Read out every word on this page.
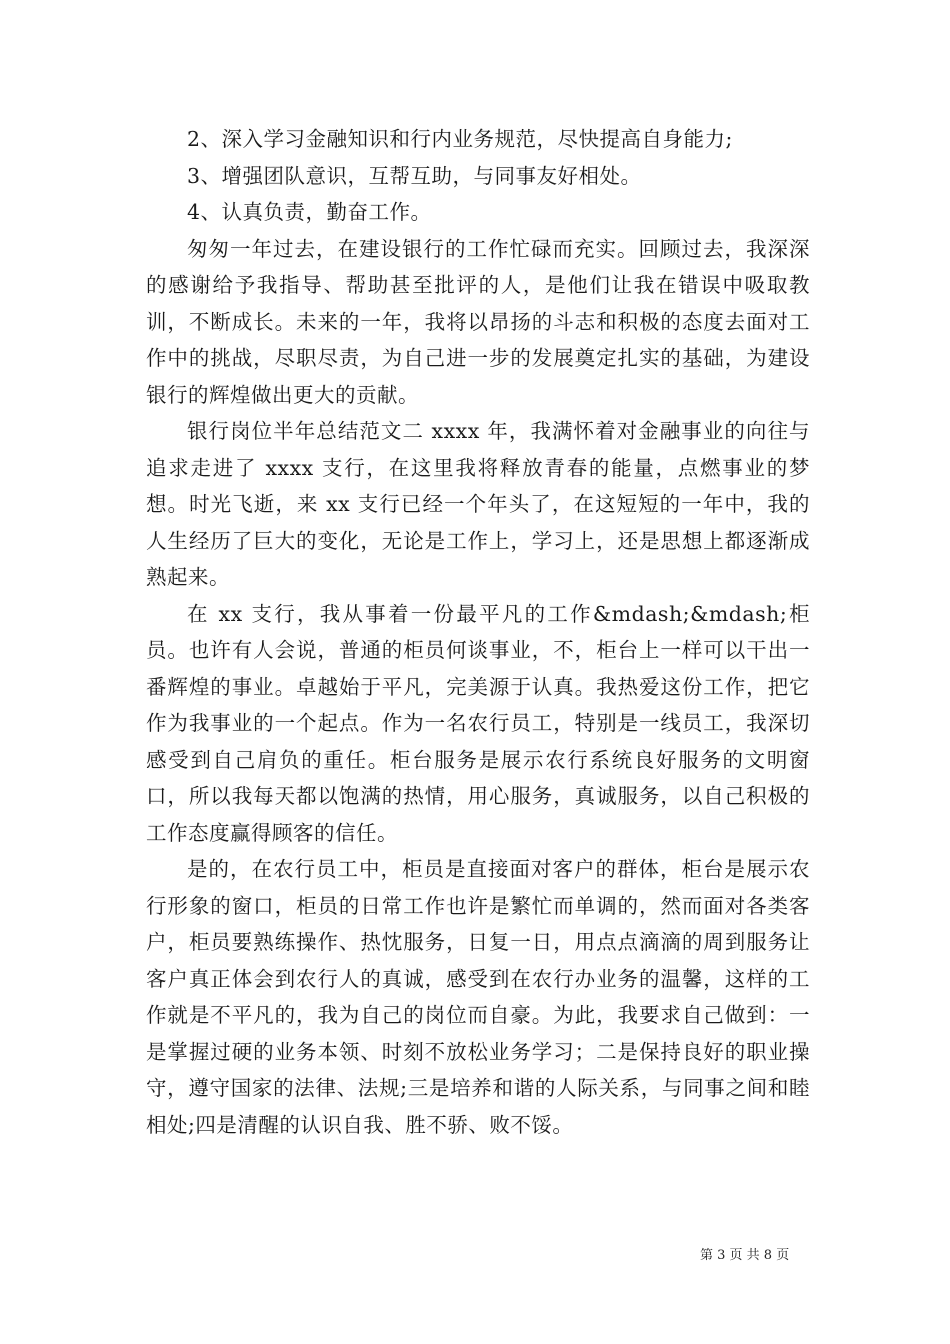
2、深入学习金融知识和行内业务规范，尽快提高自身能力;

3、增强团队意识，互帮互助，与同事友好相处。

4、认真负责，勤奋工作。

匆匆一年过去，在建设银行的工作忙碌而充实。回顾过去，我深深的感谢给予我指导、帮助甚至批评的人，是他们让我在错误中吸取教训，不断成长。未来的一年，我将以昂扬的斗志和积极的态度去面对工作中的挑战，尽职尽责，为自己进一步的发展奠定扎实的基础，为建设银行的辉煌做出更大的贡献。

银行岗位半年总结范文二 xxxx 年，我满怀着对金融事业的向往与追求走进了 xxxx 支行，在这里我将释放青春的能量，点燃事业的梦想。时光飞逝，来 xx 支行已经一个年头了，在这短短的一年中，我的人生经历了巨大的变化，无论是工作上，学习上，还是思想上都逐渐成熟起来。

在 xx 支行，我从事着一份最平凡的工作&mdash;&mdash;柜员。也许有人会说，普通的柜员何谈事业，不，柜台上一样可以干出一番辉煌的事业。卓越始于平凡，完美源于认真。我热爱这份工作，把它作为我事业的一个起点。作为一名农行员工，特别是一线员工，我深切感受到自己肩负的重任。柜台服务是展示农行系统良好服务的文明窗口，所以我每天都以饱满的热情，用心服务，真诚服务，以自己积极的工作态度赢得顾客的信任。

是的，在农行员工中，柜员是直接面对客户的群体，柜台是展示农行形象的窗口，柜员的日常工作也许是繁忙而单调的，然而面对各类客户，柜员要熟练操作、热忱服务，日复一日，用点点滴滴的周到服务让客户真正体会到农行人的真诚，感受到在农行办业务的温馨，这样的工作就是不平凡的，我为自己的岗位而自豪。为此，我要求自己做到：一是掌握过硬的业务本领、时刻不放松业务学习；二是保持良好的职业操守，遵守国家的法律、法规;三是培养和谐的人际关系，与同事之间和睦相处;四是清醒的认识自我、胜不骄、败不馁。

第 3 页 共 8 页
